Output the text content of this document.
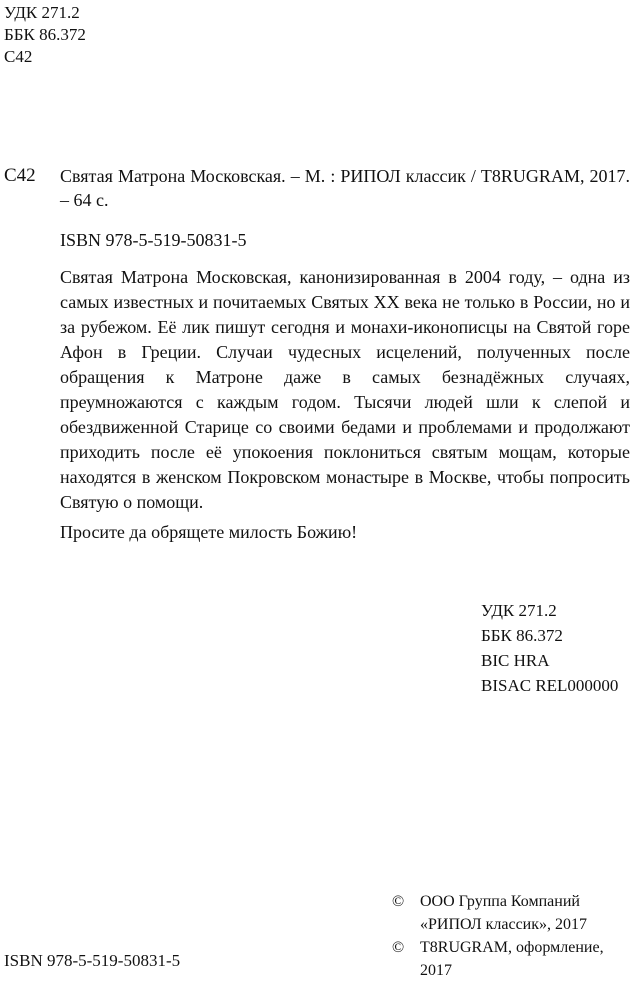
УДК 271.2
ББК 86.372
С42
С42 Святая Матрона Московская. – М. : РИПОЛ классик / T8RUGRAM, 2017. – 64 с.
ISBN 978-5-519-50831-5

Святая Матрона Московская, канонизированная в 2004 году, – одна из самых известных и почитаемых Святых XX века не только в России, но и за рубежом. Её лик пишут сегодня и монахи-иконописцы на Святой горе Афон в Греции. Случаи чудесных исцелений, полученных после обращения к Матроне даже в самых безнадёжных случаях, преумножаются с каждым годом. Тысячи людей шли к слепой и обездвиженной Старице со своими бедами и проблемами и продолжают приходить после её упокоения поклониться святым мощам, которые находятся в женском Покровском монастыре в Москве, чтобы попросить Святую о помощи.

Просите да обрящете милость Божию!

УДК 271.2
ББК 86.372
BIC HRA
BISAC REL000000
© ООО Группа Компаний
«РИПОЛ классик», 2017
© T8RUGRAM, оформление,
2017
ISBN 978-5-519-50831-5
